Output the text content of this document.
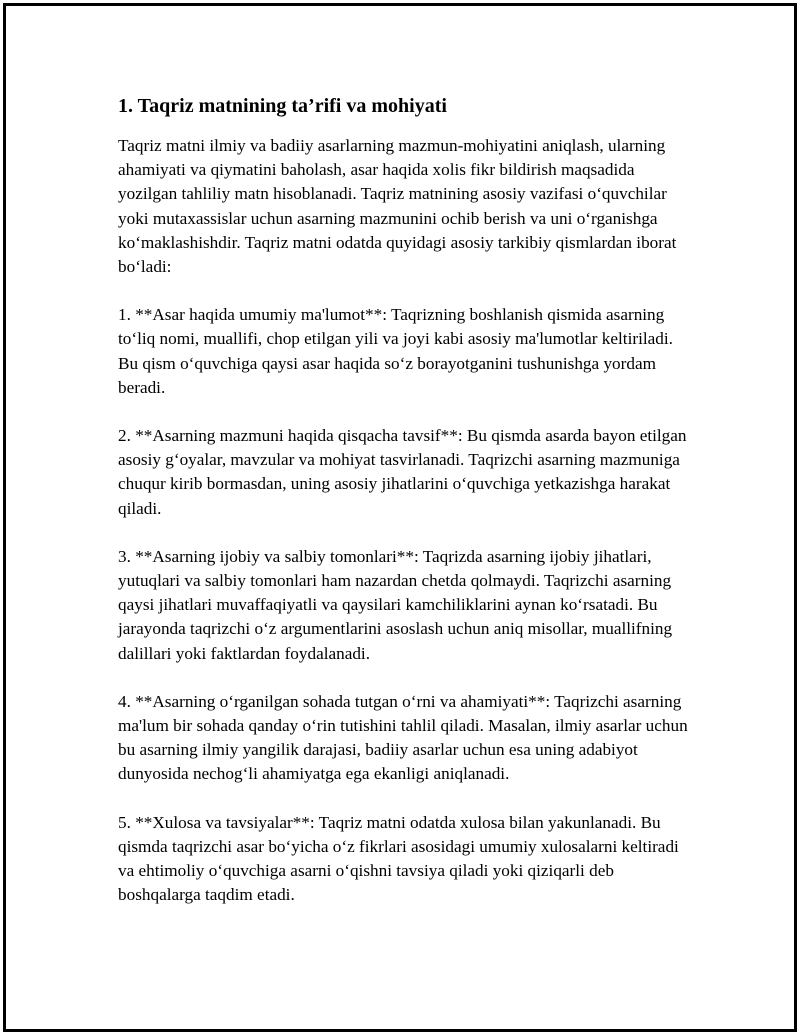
1. Taqriz matnining ta’rifi va mohiyati

Taqriz matni ilmiy va badiiy asarlarning mazmun-mohiyatini aniqlash, ularning ahamiyati va qiymatini baholash, asar haqida xolis fikr bildirish maqsadida yozilgan tahliliy matn hisoblanadi. Taqriz matnining asosiy vazifasi o‘quvchilar yoki mutaxassislar uchun asarning mazmunini ochib berish va uni o‘rganishga ko‘maklashishdir. Taqriz matni odatda quyidagi asosiy tarkibiy qismlardan iborat bo‘ladi:

1. **Asar haqida umumiy ma'lumot**: Taqrizning boshlanish qismida asarning to‘liq nomi, muallifi, chop etilgan yili va joyi kabi asosiy ma'lumotlar keltiriladi. Bu qism o‘quvchiga qaysi asar haqida so‘z borayotganini tushunishga yordam beradi.

2. **Asarning mazmuni haqida qisqacha tavsif**: Bu qismda asarda bayon etilgan asosiy g‘oyalar, mavzular va mohiyat tasvirlanadi. Taqrizchi asarning mazmuniga chuqur kirib bormasdan, uning asosiy jihatlarini o‘quvchiga yetkazishga harakat qiladi.

3. **Asarning ijobiy va salbiy tomonlari**: Taqrizda asarning ijobiy jihatlari, yutuqlari va salbiy tomonlari ham nazardan chetda qolmaydi. Taqrizchi asarning qaysi jihatlari muvaffaqiyatli va qaysilari kamchiliklarini aynan ko‘rsatadi. Bu jarayonda taqrizchi o‘z argumentlarini asoslash uchun aniq misollar, muallifning dalillari yoki faktlardan foydalanadi.

4. **Asarning o‘rganilgan sohada tutgan o‘rni va ahamiyati**: Taqrizchi asarning ma'lum bir sohada qanday o‘rin tutishini tahlil qiladi. Masalan, ilmiy asarlar uchun bu asarning ilmiy yangilik darajasi, badiiy asarlar uchun esa uning adabiyot dunyosida nechog‘li ahamiyatga ega ekanligi aniqlanadi.

5. **Xulosa va tavsiyalar**: Taqriz matni odatda xulosa bilan yakunlanadi. Bu qismda taqrizchi asar bo‘yicha o‘z fikrlari asosidagi umumiy xulosalarni keltiradi va ehtimoliy o‘quvchiga asarni o‘qishni tavsiya qiladi yoki qiziqarli deb boshqalarga taqdim etadi.
